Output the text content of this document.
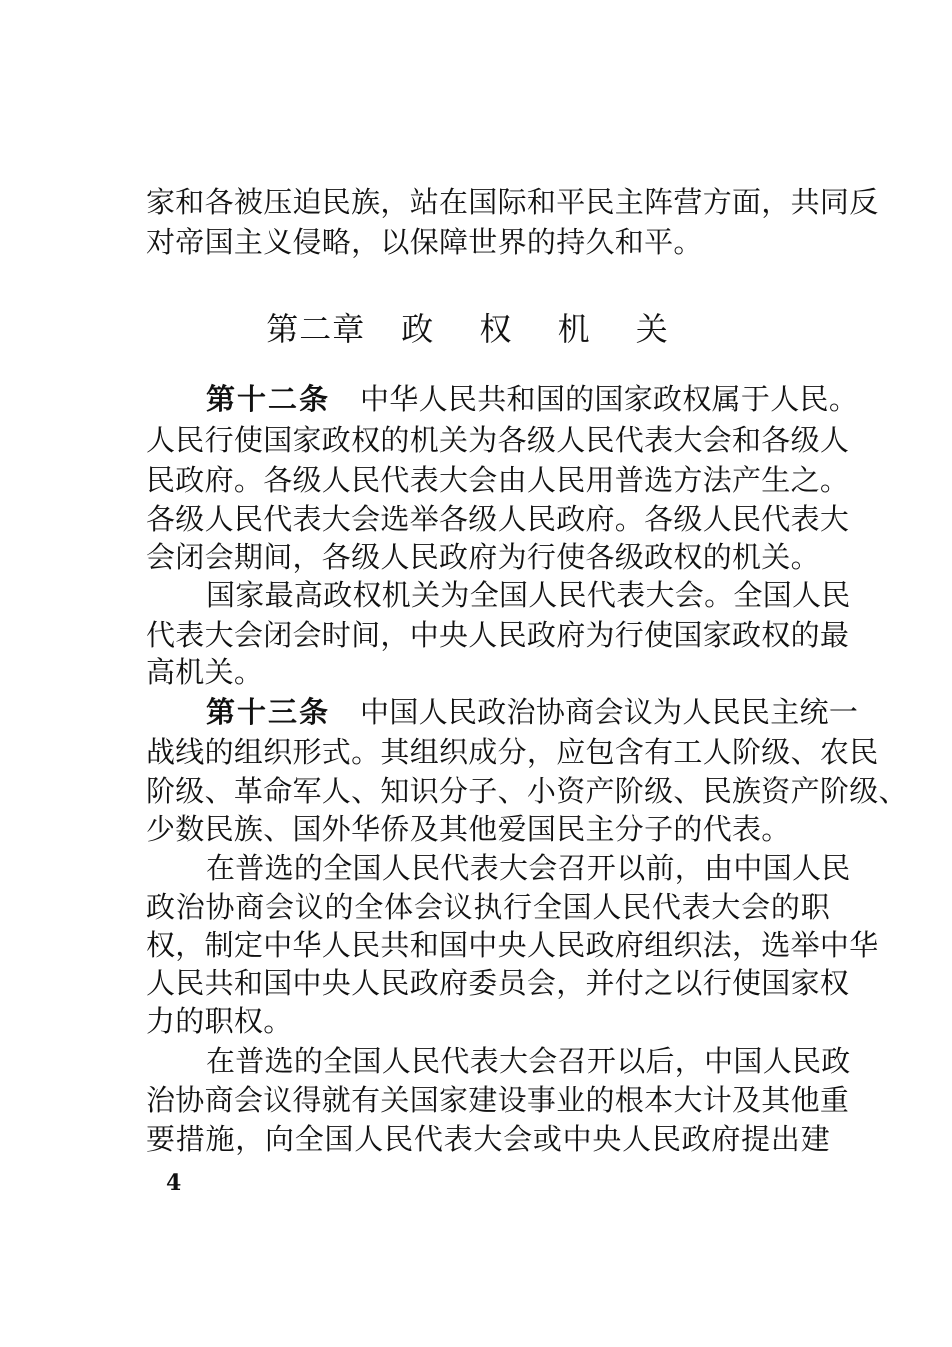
家和各被压迫民族，站在国际和平民主阵营方面，共同反
对帝国主义侵略，以保障世界的持久和平。
第二章 政 权 机 关
第十二条 中华人民共和国的国家政权属于人民。
人民行使国家政权的机关为各级人民代表大会和各级人
民政府。各级人民代表大会由人民用普选方法产生之。
各级人民代表大会选举各级人民政府。各级人民代表大
会闭会期间，各级人民政府为行使各级政权的机关。
国家最高政权机关为全国人民代表大会。全国人民
代表大会闭会时间，中央人民政府为行使国家政权的最
高机关。
第十三条 中国人民政治协商会议为人民民主统一
战线的组织形式。其组织成分，应包含有工人阶级、农民
阶级、革命军人、知识分子、小资产阶级、民族资产阶级、
少数民族、国外华侨及其他爱国民主分子的代表。
在普选的全国人民代表大会召开以前，由中国人民
政治协商会议的全体会议执行全国人民代表大会的职
权，制定中华人民共和国中央人民政府组织法，选举中华
人民共和国中央人民政府委员会，并付之以行使国家权
力的职权。
在普选的全国人民代表大会召开以后，中国人民政
治协商会议得就有关国家建设事业的根本大计及其他重
要措施，向全国人民代表大会或中央人民政府提出建
4
